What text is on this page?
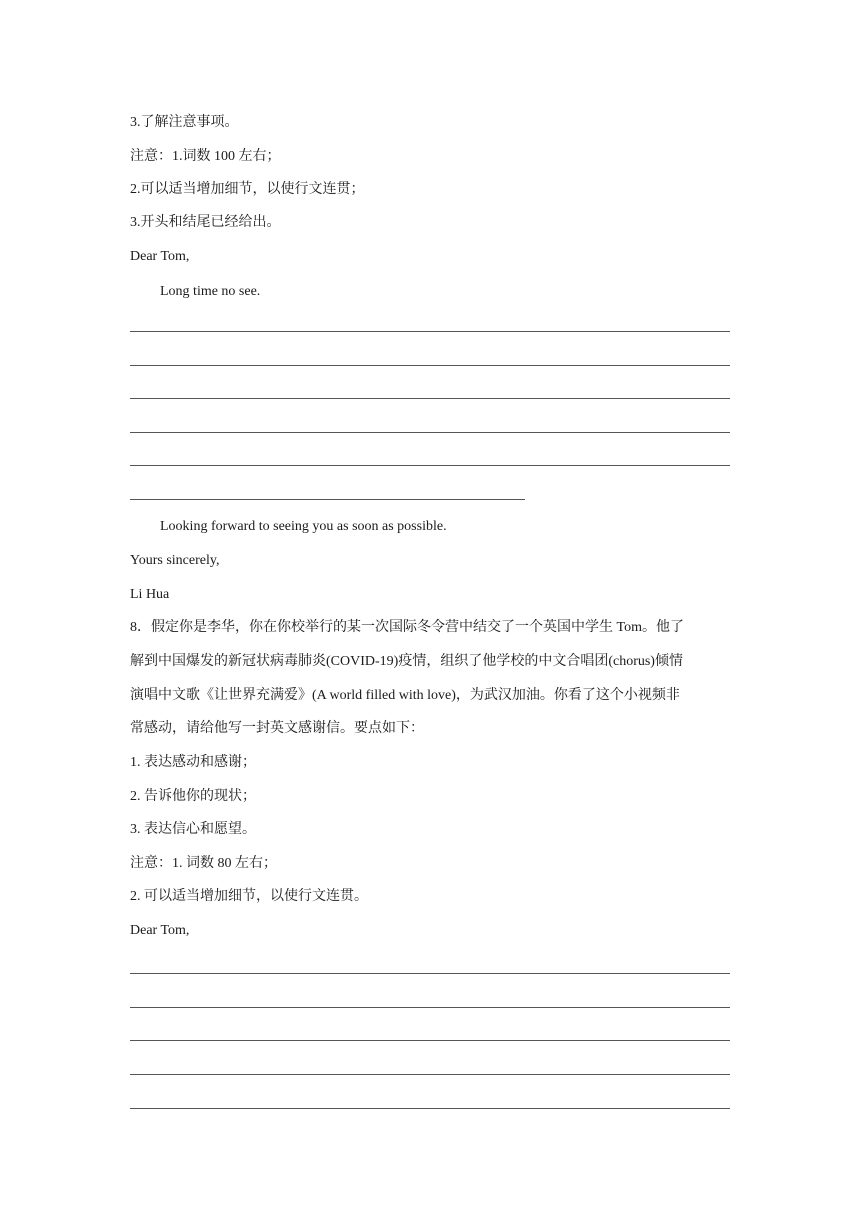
3.了解注意事项。
注意：1.词数 100 左右；
2.可以适当增加细节，以使行文连贯；
3.开头和结尾已经给出。
Dear Tom,
Long time no see.
Looking forward to seeing you as soon as possible.
Yours sincerely,
Li Hua
8．假定你是李华，你在你校举行的某一次国际冬令营中结交了一个英国中学生 Tom。他了
解到中国爆发的新冠状病毒肺炎(COVID-19)疫情，组织了他学校的中文合唱团(chorus)倾情
演唱中文歌《让世界充满爱》(A world filled with love)，为武汉加油。你看了这个小视频非
常感动，请给他写一封英文感谢信。要点如下：
1. 表达感动和感谢；
2. 告诉他你的现状；
3. 表达信心和愿望。
注意：1. 词数 80 左右；
2. 可以适当增加细节，以使行文连贯。
Dear Tom,
